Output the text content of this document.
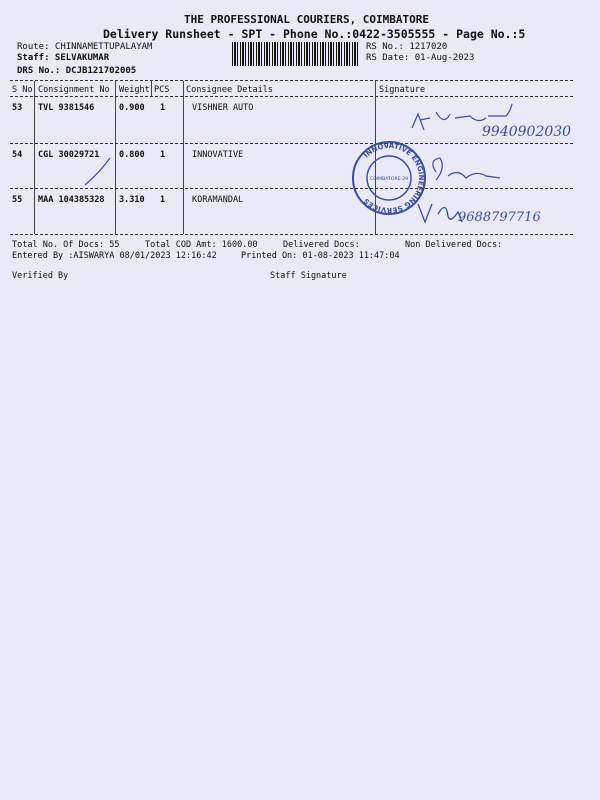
THE PROFESSIONAL COURIERS, COIMBATORE
Delivery Runsheet - SPT - Phone No.:0422-3505555 - Page No.:5
Route: CHINNAMETTUPALAYAM
Staff: SELVAKUMAR
DRS No.: DCJB121702005
RS No.: 1217020
RS Date: 01-Aug-2023
S No Consignment No Weight PCS Consignee Details	Signature
53 TVL 9381546	0.900 1	VISHNER AUTO
54 CGL 30029721 0.800 1	INNOVATIVE
55 MAA 104385328 3.310 1	KORAMANDAL
9940902030
9688797716
INNOVATIVE ENGINEERING SERVICES
COIMBATORE-29
Total No. Of Docs: 55	Total COD Amt: 1600.00	Delivered Docs:	Non Delivered Docs:
Entered By :AISWARYA 08/01/2023 12:16:42	Printed On: 01-08-2023 11:47:04
Verified By	Staff Signature
